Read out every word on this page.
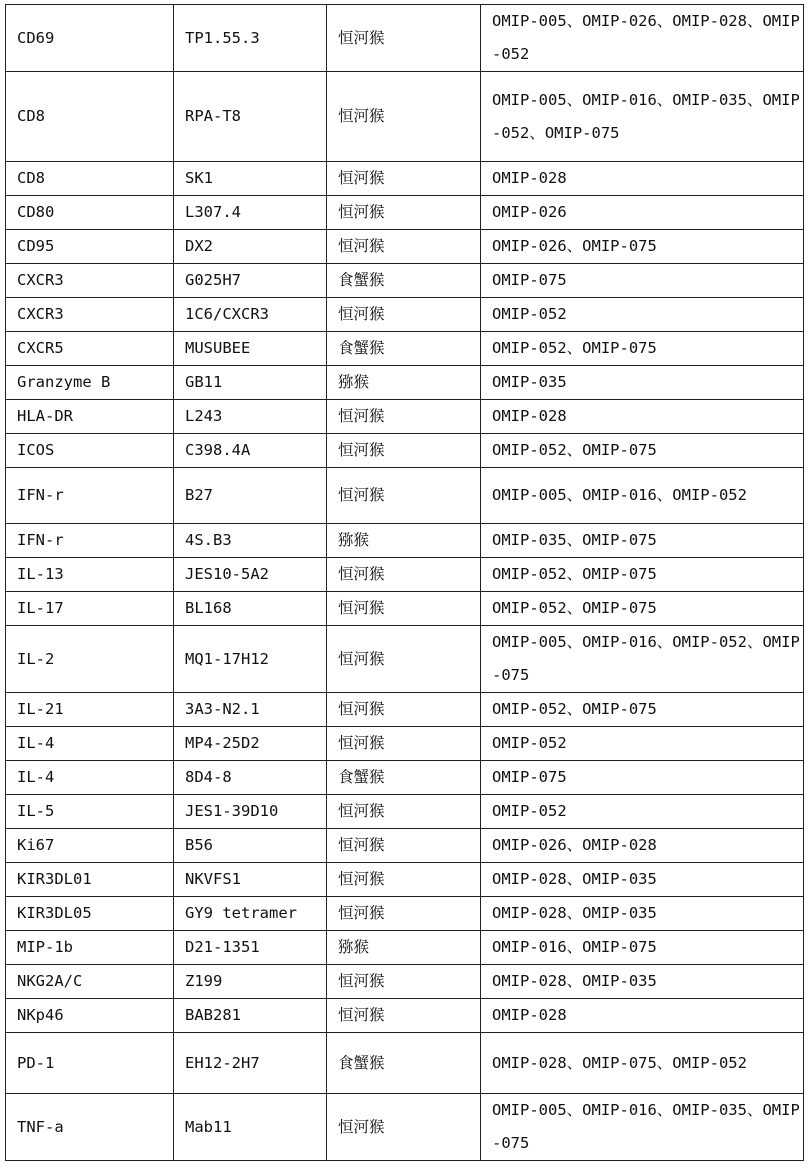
CD69	TP1.55.3	恒河猴	OMIP-005、OMIP-026、OMIP-028、OMIP-052
CD8	RPA-T8	恒河猴	OMIP-005、OMIP-016、OMIP-035、OMIP-052、OMIP-075
CD8	SK1	恒河猴	OMIP-028
CD80	L307.4	恒河猴	OMIP-026
CD95	DX2	恒河猴	OMIP-026、OMIP-075
CXCR3	G025H7	食蟹猴	OMIP-075
CXCR3	1C6/CXCR3	恒河猴	OMIP-052
CXCR5	MUSUBEE	食蟹猴	OMIP-052、OMIP-075
Granzyme B	GB11	猕猴	OMIP-035
HLA-DR	L243	恒河猴	OMIP-028
ICOS	C398.4A	恒河猴	OMIP-052、OMIP-075
IFN-r	B27	恒河猴	OMIP-005、OMIP-016、OMIP-052
IFN-r	4S.B3	猕猴	OMIP-035、OMIP-075
IL-13	JES10-5A2	恒河猴	OMIP-052、OMIP-075
IL-17	BL168	恒河猴	OMIP-052、OMIP-075
IL-2	MQ1-17H12	恒河猴	OMIP-005、OMIP-016、OMIP-052、OMIP-075
IL-21	3A3-N2.1	恒河猴	OMIP-052、OMIP-075
IL-4	MP4-25D2	恒河猴	OMIP-052
IL-4	8D4-8	食蟹猴	OMIP-075
IL-5	JES1-39D10	恒河猴	OMIP-052
Ki67	B56	恒河猴	OMIP-026、OMIP-028
KIR3DL01	NKVFS1	恒河猴	OMIP-028、OMIP-035
KIR3DL05	GY9 tetramer	恒河猴	OMIP-028、OMIP-035
MIP-1b	D21-1351	猕猴	OMIP-016、OMIP-075
NKG2A/C	Z199	恒河猴	OMIP-028、OMIP-035
NKp46	BAB281	恒河猴	OMIP-028
PD-1	EH12-2H7	食蟹猴	OMIP-028、OMIP-075、OMIP-052
TNF-a	Mab11	恒河猴	OMIP-005、OMIP-016、OMIP-035、OMIP-075
